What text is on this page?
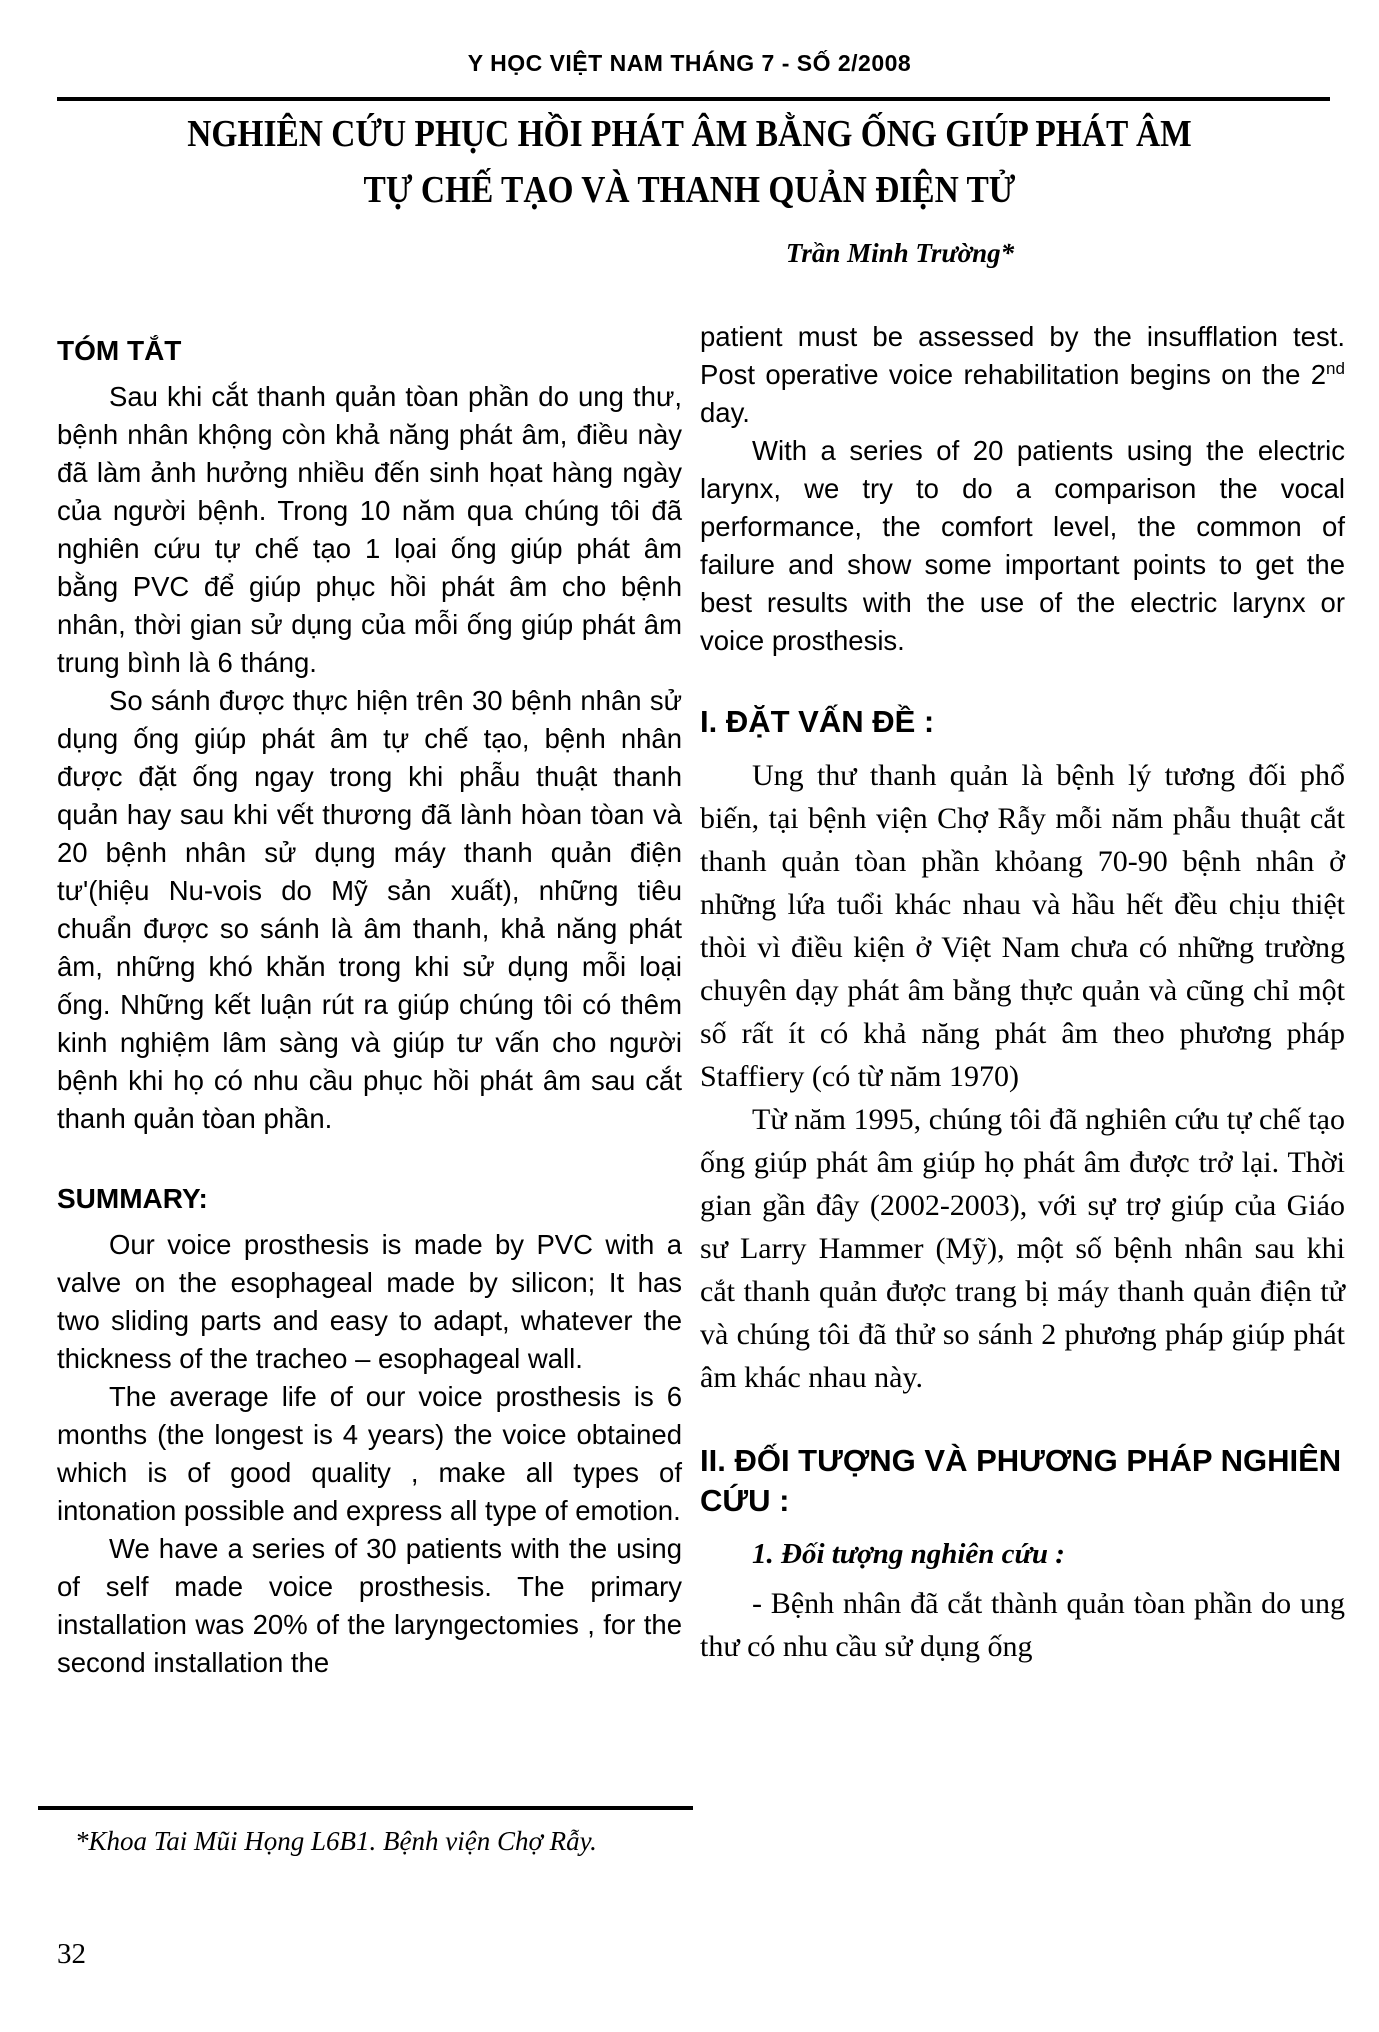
Y HỌC VIỆT NAM THÁNG 7 - SỐ 2/2008
NGHIÊN CỨU PHỤC HỒI PHÁT ÂM BẰNG ỐNG GIÚP PHÁT ÂM
TỰ CHẾ TẠO VÀ THANH QUẢN ĐIỆN TỬ
Trần Minh Trường*
TÓM TẮT

Sau khi cắt thanh quản tòan phần do ung thư, bệnh nhân khộng còn khả năng phát âm, điều này đã làm ảnh hưởng nhiều đến sinh họat hàng ngày của người bệnh. Trong 10 năm qua chúng tôi đã nghiên cứu tự chế tạo 1 lọai ống giúp phát âm bằng PVC để giúp phục hồi phát âm cho bệnh nhân, thời gian sử dụng của mỗi ống giúp phát âm trung bình là 6 tháng.

So sánh được thực hiện trên 30 bệnh nhân sử dụng ống giúp phát âm tự chế tạo, bệnh nhân được đặt ống ngay trong khi phẫu thuật thanh quản hay sau khi vết thương đã lành hòan tòan và 20 bệnh nhân sử dụng máy thanh quản điện tư'(hiệu Nu-vois do Mỹ sản xuất), những tiêu chuẩn được so sánh là âm thanh, khả năng phát âm, những khó khăn trong khi sử dụng mỗi loại ống. Những kết luận rút ra giúp chúng tôi có thêm kinh nghiệm lâm sàng và giúp tư vấn cho người bệnh khi họ có nhu cầu phục hồi phát âm sau cắt thanh quản tòan phần.

SUMMARY:

Our voice prosthesis is made by PVC with a valve on the esophageal made by silicon; It has two sliding parts and easy to adapt, whatever the thickness of the tracheo – esophageal wall.

The average life of our voice prosthesis is 6 months (the longest is 4 years) the voice obtained which is of good quality , make all types of intonation possible and express all type of emotion.

We have a series of 30 patients with the using of self made voice prosthesis. The primary installation was 20% of the laryngectomies , for the second installation the

patient must be assessed by the insufflation test. Post operative voice rehabilitation begins on the 2nd day.

With a series of 20 patients using the electric larynx, we try to do a comparison the vocal performance, the comfort level, the common of failure and show some important points to get the best results with the use of the electric larynx or voice prosthesis.

I. ĐẶT VẤN ĐỀ :

Ung thư thanh quản là bệnh lý tương đối phổ biến, tại bệnh viện Chợ Rẫy mỗi năm phẫu thuật cắt thanh quản tòan phần khỏang 70-90 bệnh nhân ở những lứa tuổi khác nhau và hầu hết đều chịu thiệt thòi vì điều kiện ở Việt Nam chưa có những trường chuyên dạy phát âm bằng thực quản và cũng chỉ một số rất ít có khả năng phát âm theo phương pháp Staffiery (có từ năm 1970)

Từ năm 1995, chúng tôi đã nghiên cứu tự chế tạo ống giúp phát âm giúp họ phát âm được trở lại. Thời gian gần đây (2002-2003), với sự trợ giúp của Giáo sư Larry Hammer (Mỹ), một số bệnh nhân sau khi cắt thanh quản được trang bị máy thanh quản điện tử và chúng tôi đã thử so sánh 2 phương pháp giúp phát âm khác nhau này.

II. ĐỐI TƯỢNG VÀ PHƯƠNG PHÁP NGHIÊN CỨU :
1. Đối tượng nghiên cứu :

- Bệnh nhân đã cắt thành quản tòan phần do ung thư có nhu cầu sử dụng ống

*Khoa Tai Mũi Họng L6B1. Bệnh viện Chợ Rẫy.
32
